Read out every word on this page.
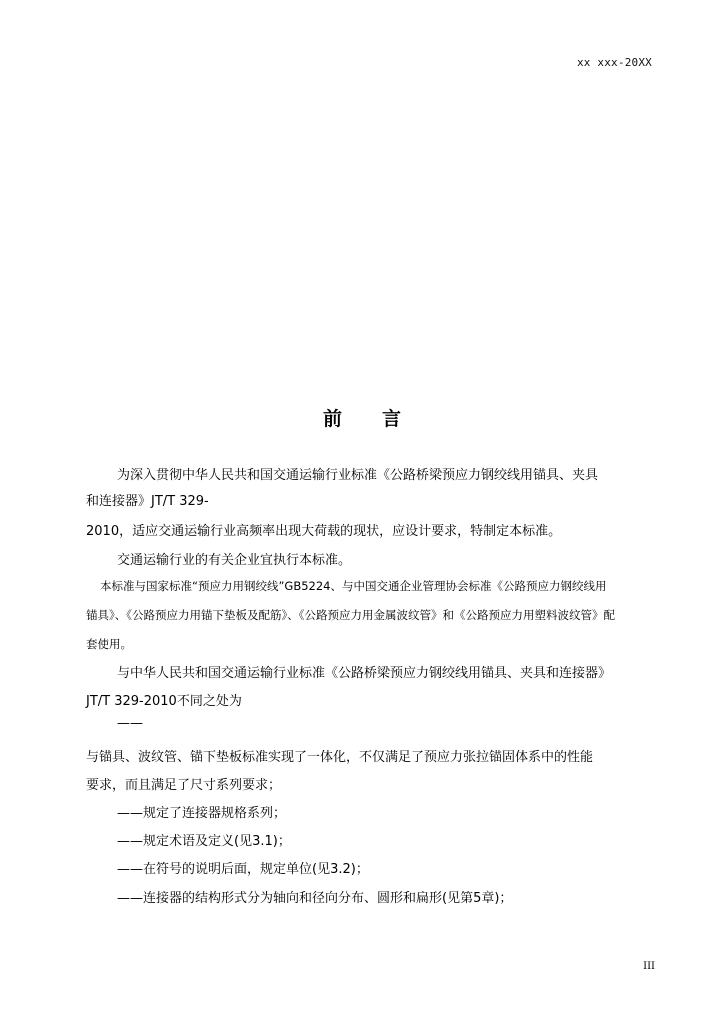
xx xxx-20XX
前言
为深入贯彻中华人民共和国交通运输行业标准《公路桥梁预应力钢绞线用锚具、夹具
和连接器》JT/T 329-
2010，适应交通运输行业高频率出现大荷载的现状，应设计要求，特制定本标准。
交通运输行业的有关企业宜执行本标准。
本标准与国家标准“预应力用钢绞线”GB5224、与中国交通企业管理协会标准《公路预应力钢绞线用
锚具》、《公路预应力用锚下垫板及配筋》、《公路预应力用金属波纹管》和《公路预应力用塑料波纹管》配
套使用。
与中华人民共和国交通运输行业标准《公路桥梁预应力钢绞线用锚具、夹具和连接器》
JT/T 329-2010不同之处为
——
与锚具、波纹管、锚下垫板标准实现了一体化，不仅满足了预应力张拉锚固体系中的性能
要求，而且满足了尺寸系列要求；
——规定了连接器规格系列；
——规定术语及定义(见3.1)；
——在符号的说明后面，规定单位(见3.2)；
——连接器的结构形式分为轴向和径向分布、圆形和扁形(见第5章)；
III
